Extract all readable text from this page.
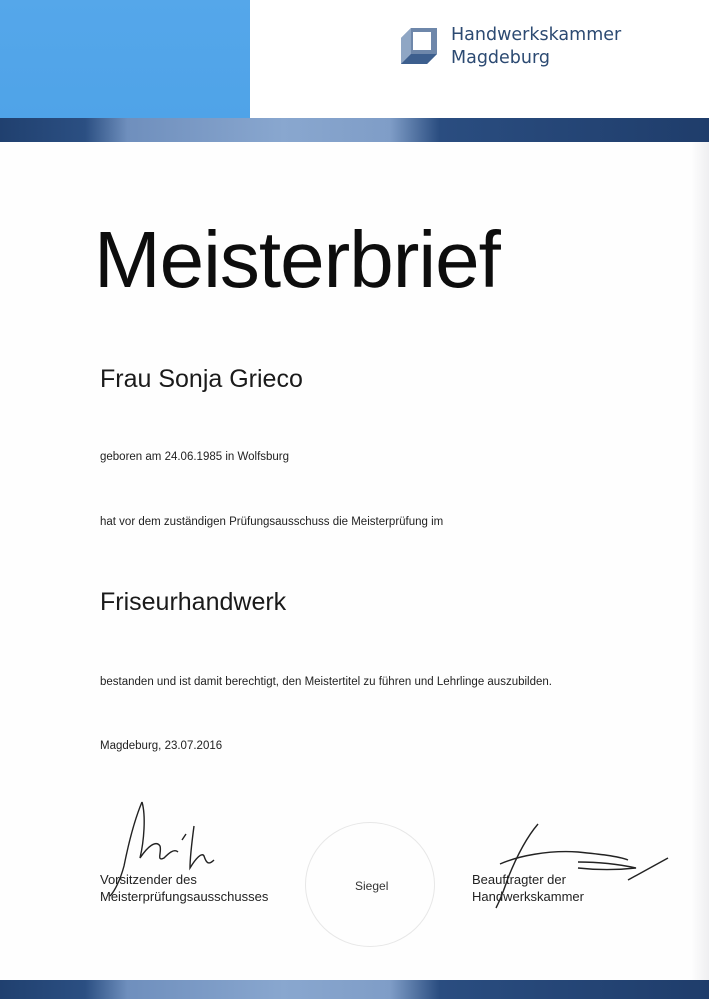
Handwerkskammer
Magdeburg
Meisterbrief
Frau Sonja Grieco
geboren am 24.06.1985 in Wolfsburg
hat vor dem zuständigen Prüfungsausschuss die Meisterprüfung im
Friseurhandwerk
bestanden und ist damit berechtigt, den Meistertitel zu führen und Lehrlinge auszubilden.
Magdeburg, 23.07.2016
Vorsitzender des
Meisterprüfungsausschusses
Siegel	Beauftragter der
Handwerkskammer
